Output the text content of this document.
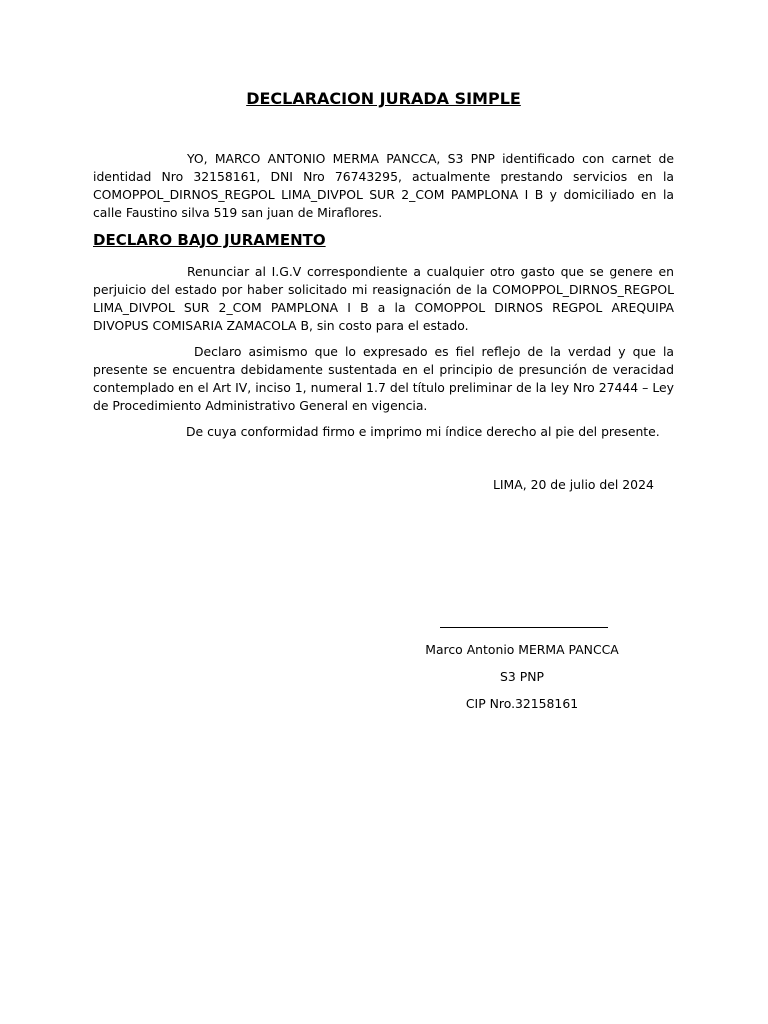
DECLARACION JURADA SIMPLE

YO, MARCO ANTONIO MERMA PANCCA, S3 PNP identificado con carnet de identidad Nro 32158161, DNI Nro 76743295, actualmente prestando servicios en la COMOPPOL_DIRNOS_REGPOL LIMA_DIVPOL SUR 2_COM PAMPLONA I B y domiciliado en la calle Faustino silva 519 san juan de Miraflores.

DECLARO BAJO JURAMENTO

Renunciar al I.G.V correspondiente a cualquier otro gasto que se genere en perjuicio del estado por haber solicitado mi reasignación de la COMOPPOL_DIRNOS_REGPOL LIMA_DIVPOL SUR 2_COM PAMPLONA I B a la COMOPPOL DIRNOS REGPOL AREQUIPA DIVOPUS COMISARIA ZAMACOLA B, sin costo para el estado.

Declaro asimismo que lo expresado es fiel reflejo de la verdad y que la presente se encuentra debidamente sustentada en el principio de presunción de veracidad contemplado en el Art IV, inciso 1, numeral 1.7 del título preliminar de la ley Nro 27444 – Ley de Procedimiento Administrativo General en vigencia.

De cuya conformidad firmo e imprimo mi índice derecho al pie del presente.

LIMA, 20 de julio del 2024

Marco Antonio MERMA PANCCA

S3 PNP

CIP Nro.32158161
